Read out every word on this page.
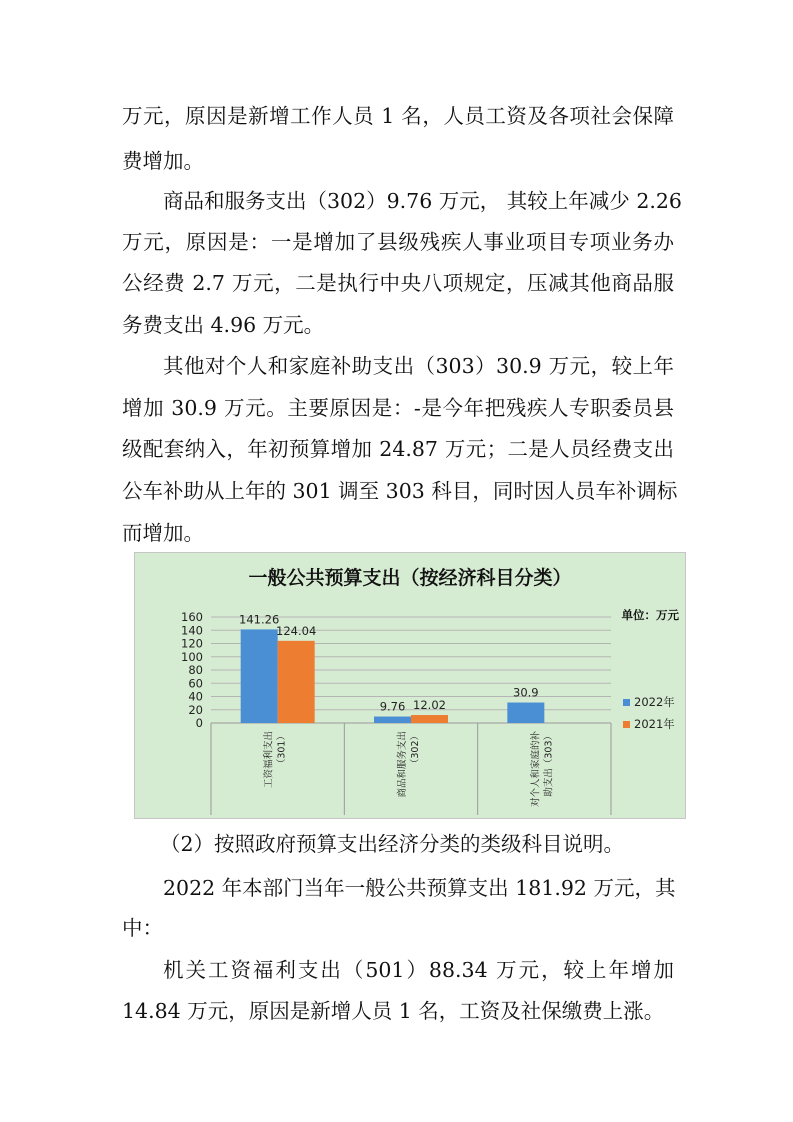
万元，原因是新增工作人员 1 名，人员工资及各项社会保障
费增加。
商品和服务支出（302）9.76 万元， 其较上年减少 2.26
万元，原因是：一是增加了县级残疾人事业项目专项业务办
公经费 2.7 万元，二是执行中央八项规定，压减其他商品服
务费支出 4.96 万元。
其他对个人和家庭补助支出（303）30.9 万元，较上年
增加 30.9 万元。主要原因是：-是今年把残疾人专职委员县
级配套纳入，年初预算增加 24.87 万元；二是人员经费支出
公车补助从上年的 301 调至 303 科目，同时因人员车补调标
而增加。
一般公共预算支出（按经济科目分类）
单位：万元
0
20
40
60
80
100
120
140
160	141.26
124.04
工资福利支出 （301）
9.76 12.02
商品和服务支出 （302）
30.9
对个人和家庭的补 助支出（303）
2022年
2021年
（2）按照政府预算支出经济分类的类级科目说明。
2022 年本部门当年一般公共预算支出 181.92 万元，其
中：
机关工资福利支出（501）88.34 万元，较上年增加
14.84 万元，原因是新增人员 1 名，工资及社保缴费上涨。
